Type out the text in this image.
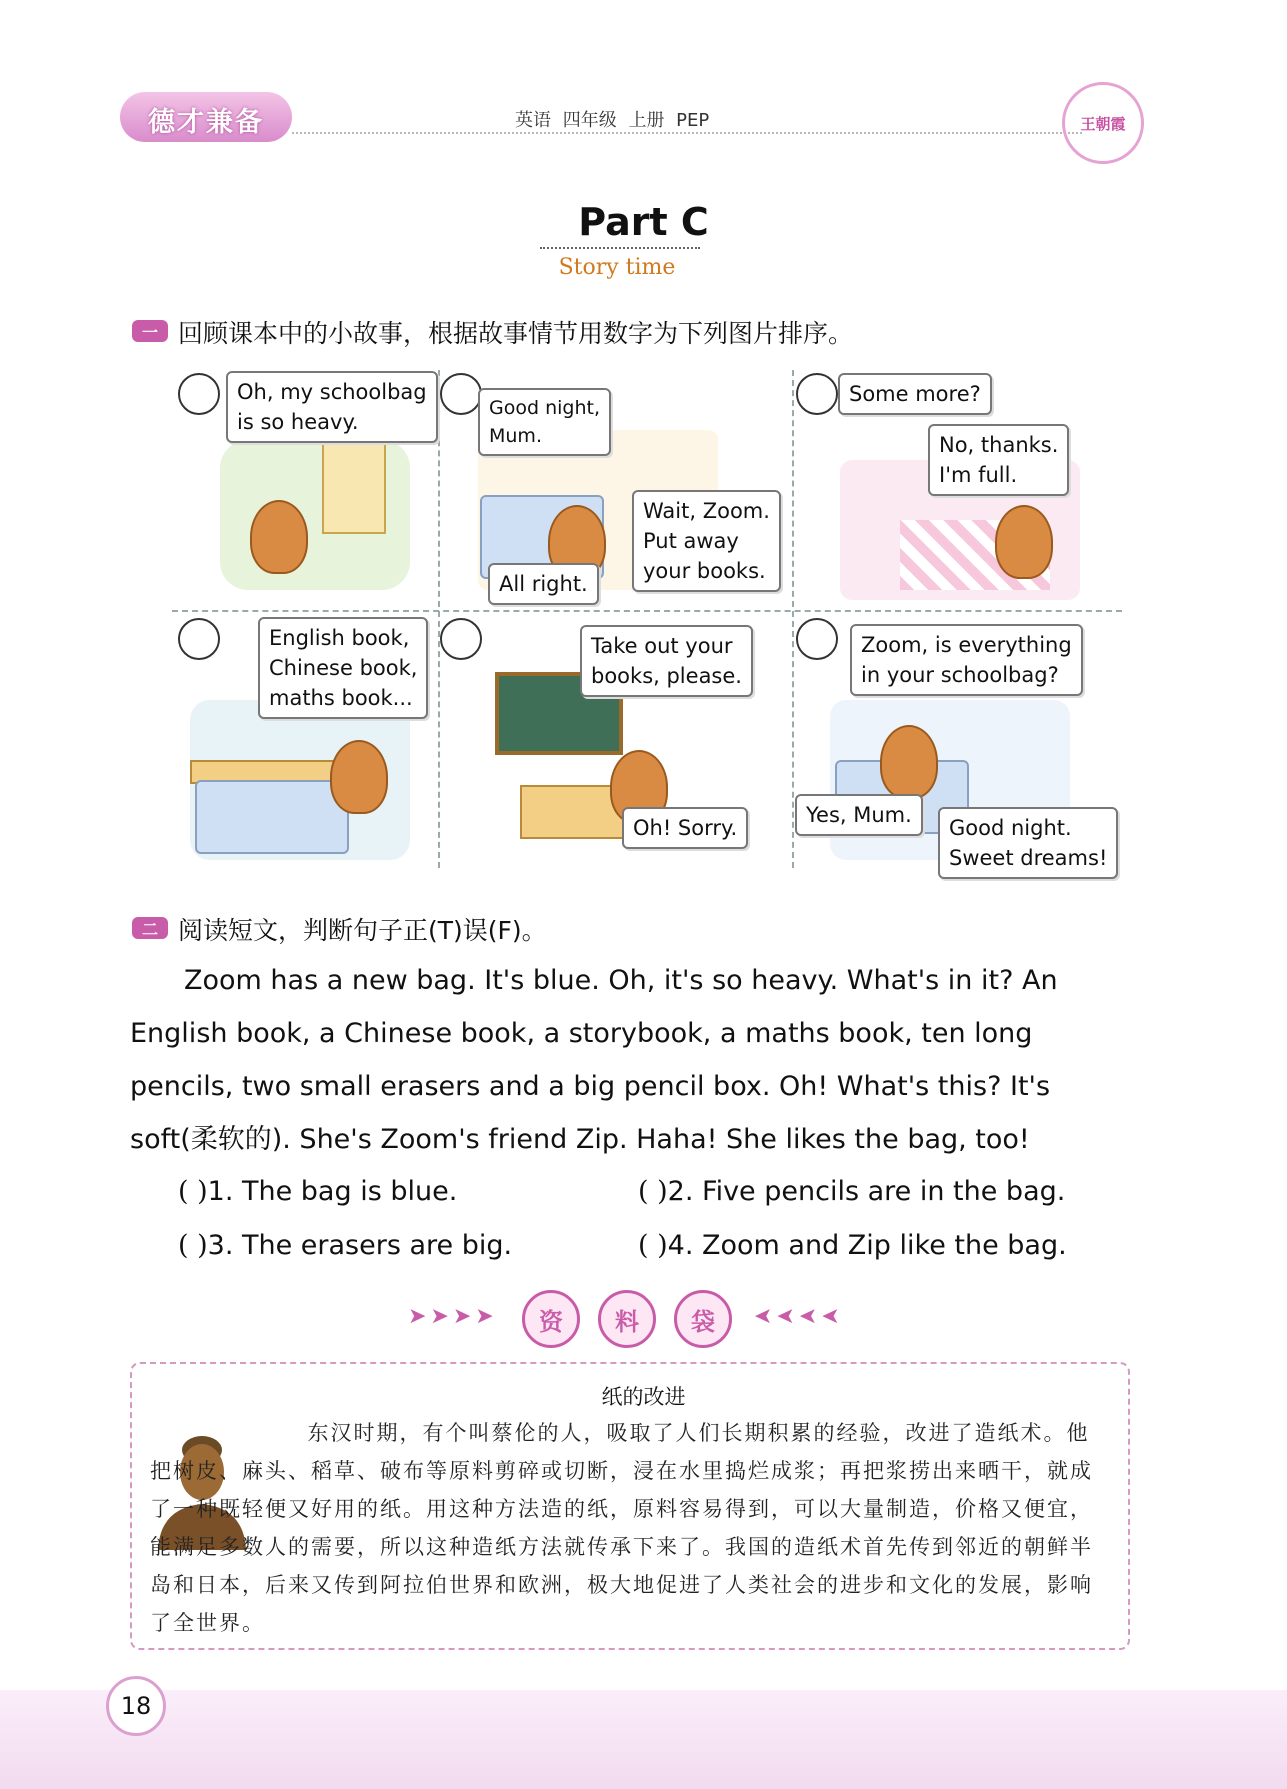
德才兼备	英语 四年级 上册 PEP	王朝霞
Part C
Story time
一 回顾课本中的小故事，根据故事情节用数字为下列图片排序。
Oh, my schoolbag
is so heavy.
Good night,
Mum.
Wait, Zoom.
Put away
your books.
All right.
Some more?
No, thanks.
I'm full.
English book,
Chinese book,
maths book...
Take out your
books, please.
Oh! Sorry.
Zoom, is everything
in your schoolbag?
Yes, Mum.
Good night.
Sweet dreams!
二 阅读短文，判断句子正(T)误(F)。
Zoom has a new bag. It's blue. Oh, it's so heavy. What's in it? An English book, a Chinese book, a storybook, a maths book, ten long pencils, two small erasers and a big pencil box. Oh! What's this? It's soft(柔软的). She's Zoom's friend Zip. Haha! She likes the bag, too!
( )1. The bag is blue.	( )2. Five pencils are in the bag.
( )3. The erasers are big.	( )4. Zoom and Zip like the bag.
➤➤➤➤	资	料	袋	➤➤➤➤
纸的改进
东汉时期，有个叫蔡伦的人，吸取了人们长期积累的经验，改进了造纸术。他把树皮、麻头、稻草、破布等原料剪碎或切断，浸在水里捣烂成浆；再把浆捞出来晒干，就成了一种既轻便又好用的纸。用这种方法造的纸，原料容易得到，可以大量制造，价格又便宜，能满足多数人的需要，所以这种造纸方法就传承下来了。我国的造纸术首先传到邻近的朝鲜半岛和日本，后来又传到阿拉伯世界和欧洲，极大地促进了人类社会的进步和文化的发展，影响了全世界。
18
